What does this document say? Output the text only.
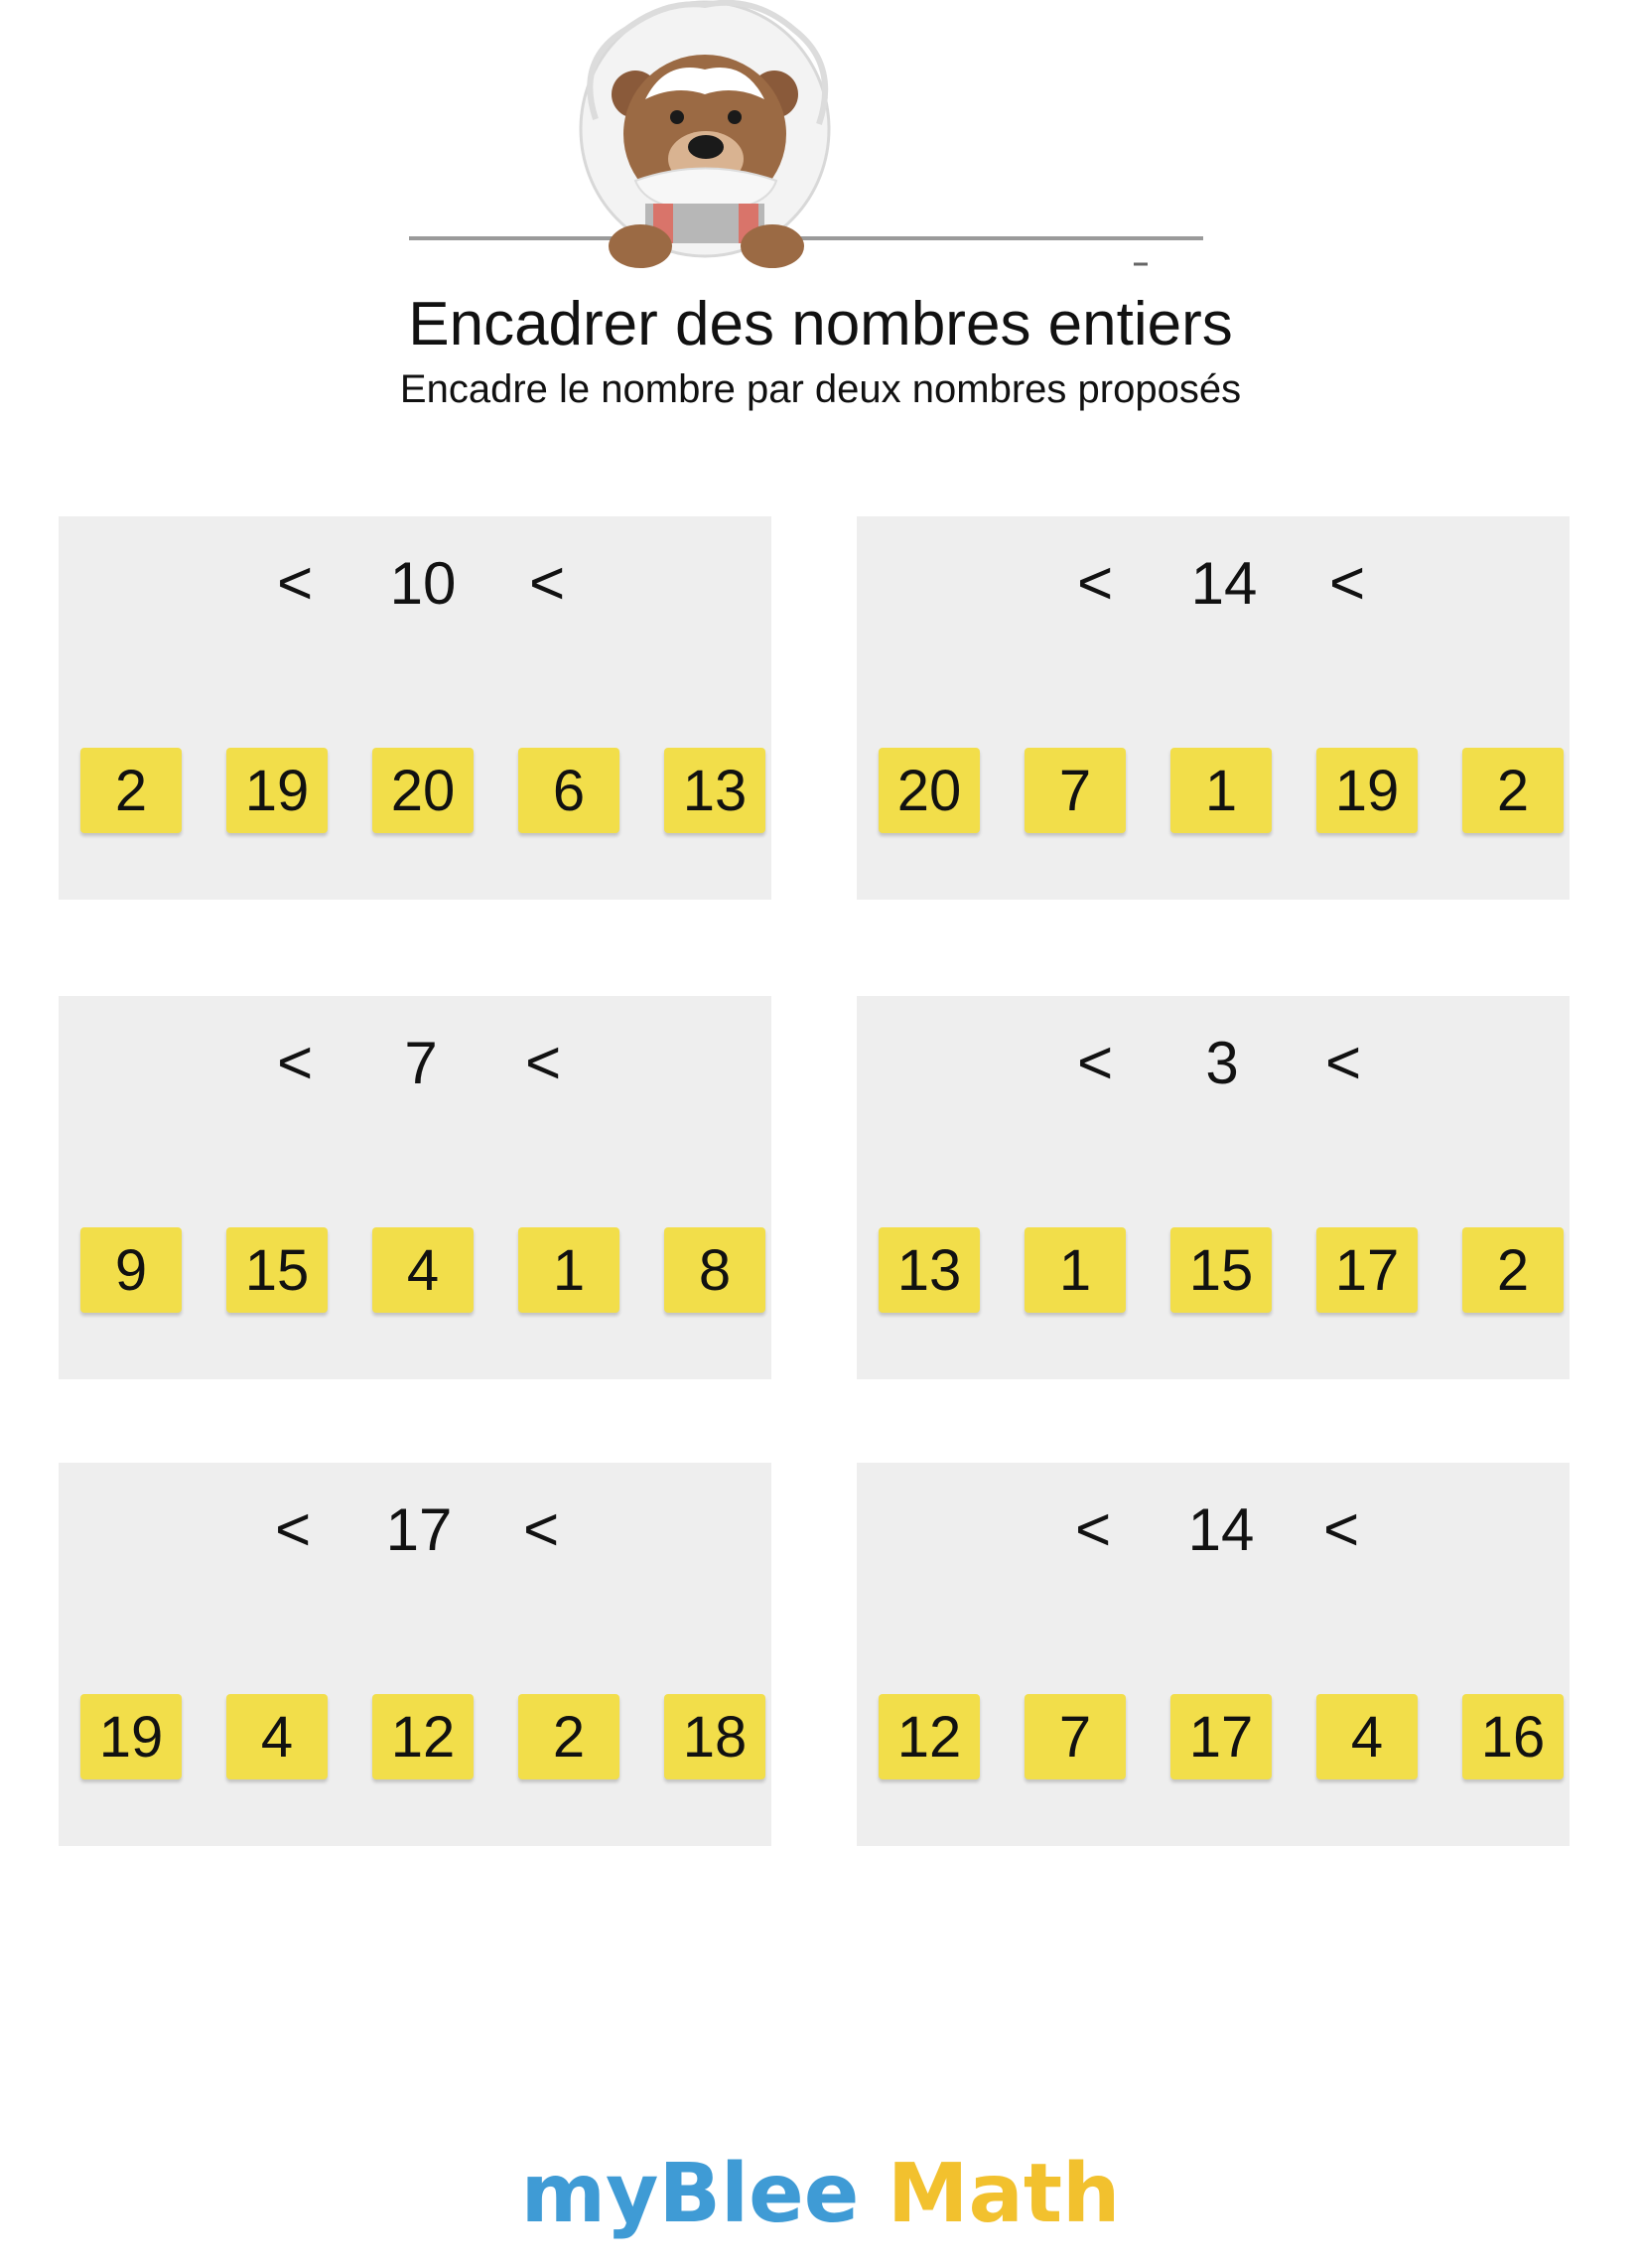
Encadrer des nombres entiers
Encadre le nombre par deux nombres proposés
<	10	<
2	19	20	6	13
<	14	<
20	7	1	19	2
<	7	<
9	15	4	1	8
<	3	<
13	1	15	17	2
<	17	<
19	4	12	2	18
<	14	<
12	7	17	4	16
myBlee Math
